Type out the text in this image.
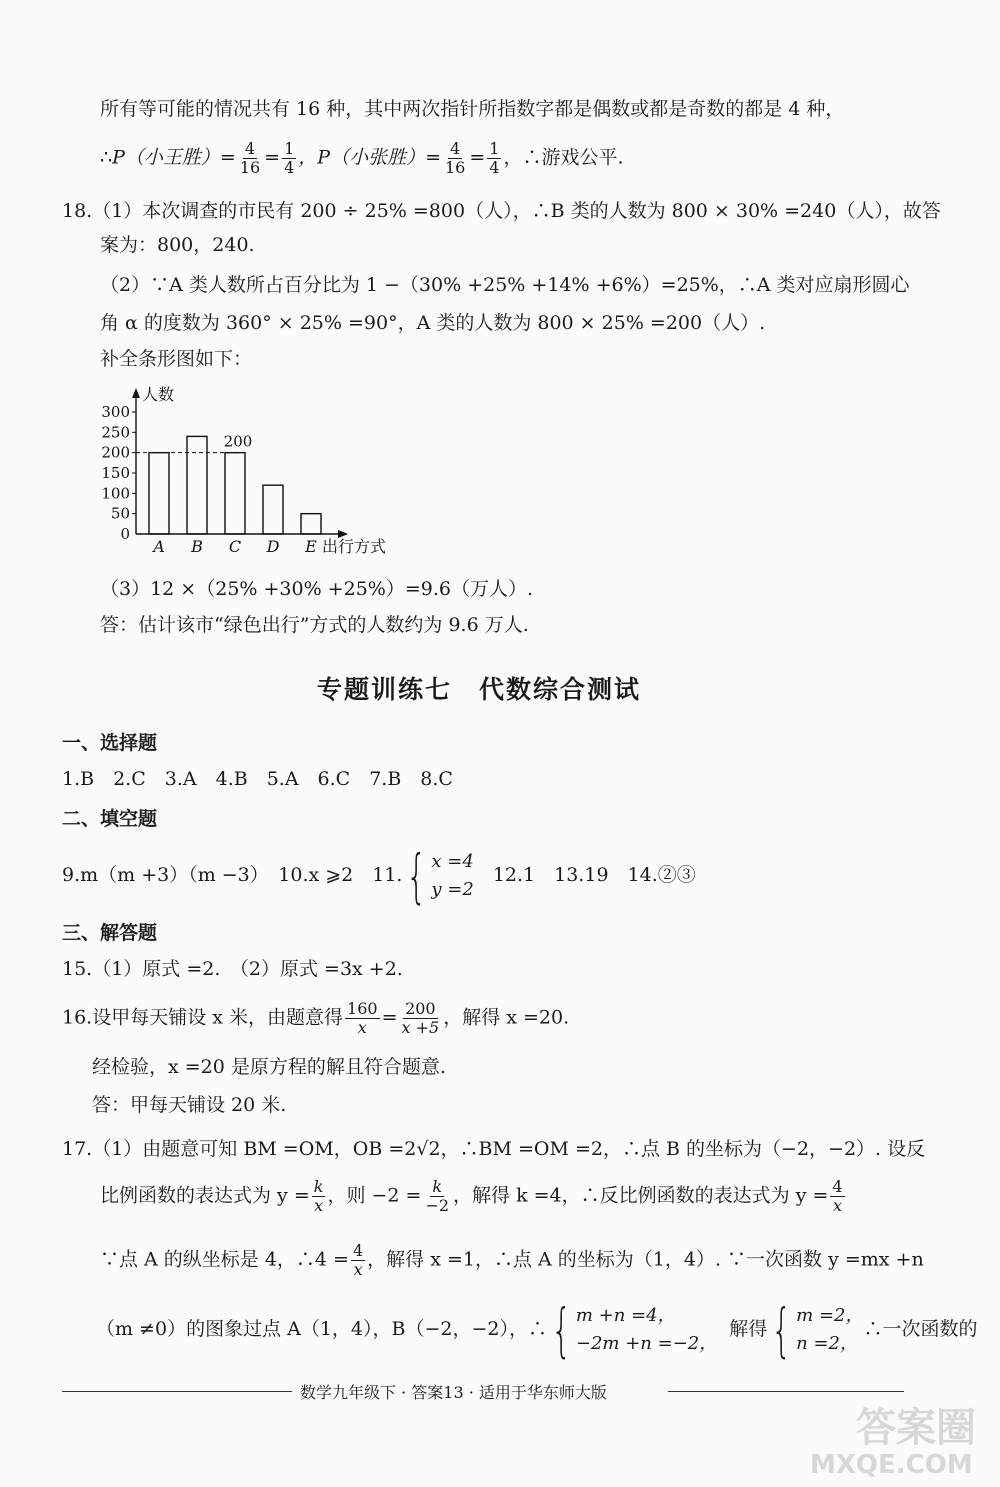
所有等可能的情况共有 16 种，其中两次指针所指数字都是偶数或都是奇数的都是 4 种，
∴P（小王胜）= $\frac{4}{16} = \frac{1}{4}$ ，P（小张胜）= $\frac{4}{16} = \frac{1}{4}$ ，∴游戏公平.
18.（1）本次调查的市民有 200 ÷ 25% =800（人），∴B 类的人数为 800 × 30% =240（人），故答
案为：800，240.
（2）∵A 类人数所占百分比为 1 −（30% +25% +14% +6%）=25%，∴A 类对应扇形圆心
角 α 的度数为 360° × 25% =90°，A 类的人数为 800 × 25% =200（人）.
补全条形图如下：
0
50
100
150
200
250
300
A B C D E
200
人数
出行方式
（3）12 ×（25% +30% +25%）=9.6（万人）.
答：估计该市“绿色出行”方式的人数约为 9.6 万人.
专题训练七　代数综合测试
一、选择题
1.B　2.C　3.A　4.B　5.A　6.C　7.B　8.C
二、填空题
9.m（m +3）（m −3）　10.x ⩾2　11.{ x =4
y =2
　12.1　13.19　14.②③
三、解答题
15.（1）原式 =2.　（2）原式 =3x +2.
16.设甲每天铺设 x 米，由题意得 $\frac{160}{x} = \frac{200}{x +5}$ ，解得 x =20.
经检验，x =20 是原方程的解且符合题意.
答：甲每天铺设 20 米.
17.（1）由题意可知 BM =OM，OB =2√2，∴BM =OM =2，∴点 B 的坐标为（−2，−2）. 设反
比例函数的表达式为 $y = \frac{k}{x}$ ，则 $-2 = \frac{k}{-2}$ ，解得 k =4，∴反比例函数的表达式为 $y = \frac{4}{x}$
∵点 A 的纵坐标是 4，∴4 = $\frac{4}{x}$ ，解得 x =1，∴点 A 的坐标为（1，4）. ∵一次函数 y =mx +n
（m ≠0）的图象过点 A（1，4），B（−2，−2），∴{ m +n =4，
−2m +n =−2，
解得{ m =2，
n =2，
∴一次函数的
数学九年级下 · 答案13 · 适用于华东师大版
答案圈
MXQE.COM
